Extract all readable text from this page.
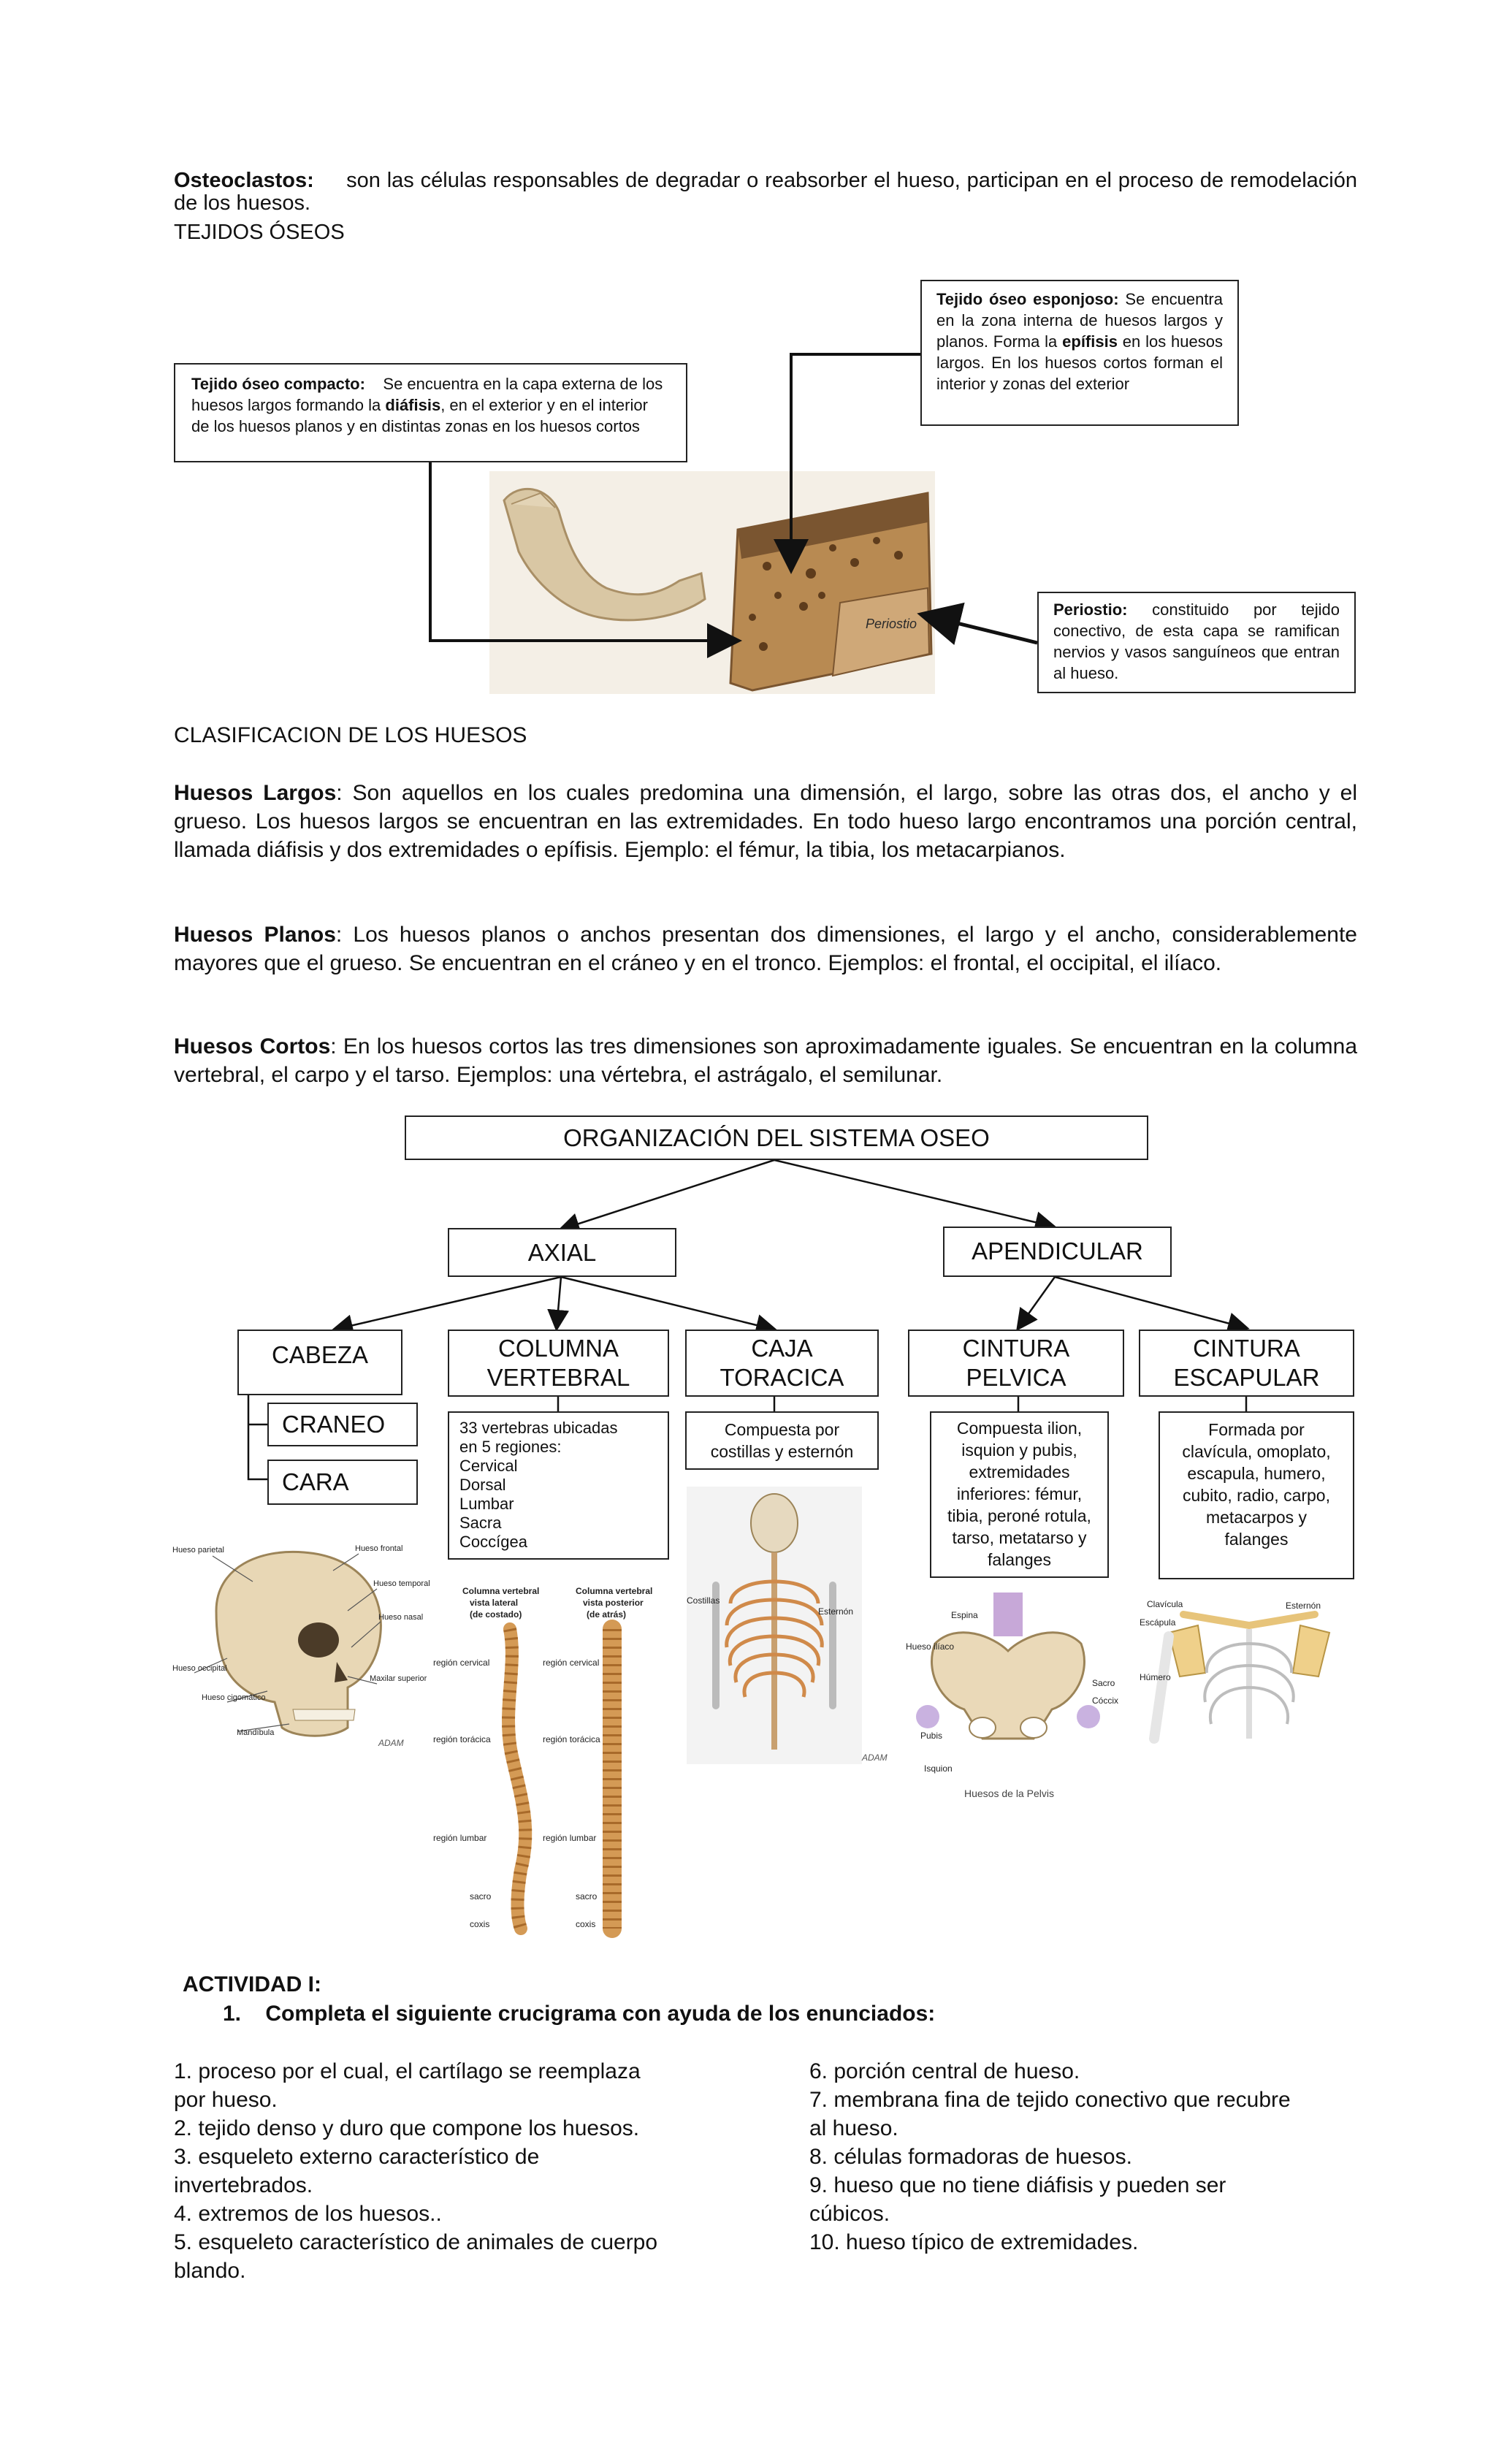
Osteoclastos: son las células responsables de degradar o reabsorber el hueso, participan en el proceso de remodelación de los huesos.
TEJIDOS ÓSEOS
Tejido óseo compacto: Se encuentra en la capa externa de los huesos largos formando la diáfisis, en el exterior y en el interior de los huesos planos y en distintas zonas en los huesos cortos
Tejido óseo esponjoso: Se encuentra en la zona interna de huesos largos y planos. Forma la epífisis en los huesos largos. En los huesos cortos forman el interior y zonas del exterior
Periostio: constituido por tejido conectivo, de esta capa se ramifican nervios y vasos sanguíneos que entran al hueso.
Periostio
CLASIFICACION DE LOS HUESOS
Huesos Largos: Son aquellos en los cuales predomina una dimensión, el largo, sobre las otras dos, el ancho y el grueso. Los huesos largos se encuentran en las extremidades. En todo hueso largo encontramos una porción central, llamada diáfisis y dos extremidades o epífisis. Ejemplo: el fémur, la tibia, los metacarpianos.
Huesos Planos: Los huesos planos o anchos presentan dos dimensiones, el largo y el ancho, considerablemente mayores que el grueso. Se encuentran en el cráneo y en el tronco. Ejemplos: el frontal, el occipital, el ilíaco.
Huesos Cortos: En los huesos cortos las tres dimensiones son aproximadamente iguales. Se encuentran en la columna vertebral, el carpo y el tarso. Ejemplos: una vértebra, el astrágalo, el semilunar.
ORGANIZACIÓN DEL SISTEMA OSEO
AXIAL	APENDICULAR
CABEZA	COLUMNA
VERTEBRAL
CAJA
TORACICA
CINTURA
PELVICA
CINTURA
ESCAPULAR
CRANEO
CARA
33 vertebras ubicadas
en 5 regiones:
Cervical
Dorsal
Lumbar
Sacra
Coccígea
Compuesta por
costillas y esternón
Compuesta ilion,
isquion y pubis,
extremidades
inferiores: fémur,
tibia, peroné rotula,
tarso, metatarso y
falanges
Formada por
clavícula, omoplato,
escapula, humero,
cubito, radio, carpo,
metacarpos y
falanges
Hueso parietal	Hueso frontal
Hueso temporal
Hueso nasal
Hueso occipital
Maxilar superior
Hueso cigomático
Mandíbula
Columna vertebral
vista lateral
(de costado)
Columna vertebral
vista posterior
(de atrás)
región cervical
región torácica
región lumbar
sacro
coxis
región cervical
región torácica
región lumbar
sacro
coxis
ADAM
Costillas
Esternón	Espina
Hueso ilíaco
Sacro
Cóccix
Pubis
Isquion
Huesos de la Pelvis
ADAM
Clavícula
Escápula
Húmero
Esternón
ACTIVIDAD I:
1.    Completa el siguiente crucigrama con ayuda de los enunciados:
1. proceso por el cual, el cartílago se reemplaza
por hueso.
2. tejido denso y duro que compone los huesos.
3. esqueleto externo característico de
invertebrados.
4. extremos de los huesos..
5. esqueleto característico de animales de cuerpo
blando.
6. porción central de hueso.
7. membrana fina de tejido conectivo que recubre
al hueso.
8. células formadoras de huesos.
9. hueso que no tiene diáfisis y pueden ser
cúbicos.
10. hueso típico de extremidades.
